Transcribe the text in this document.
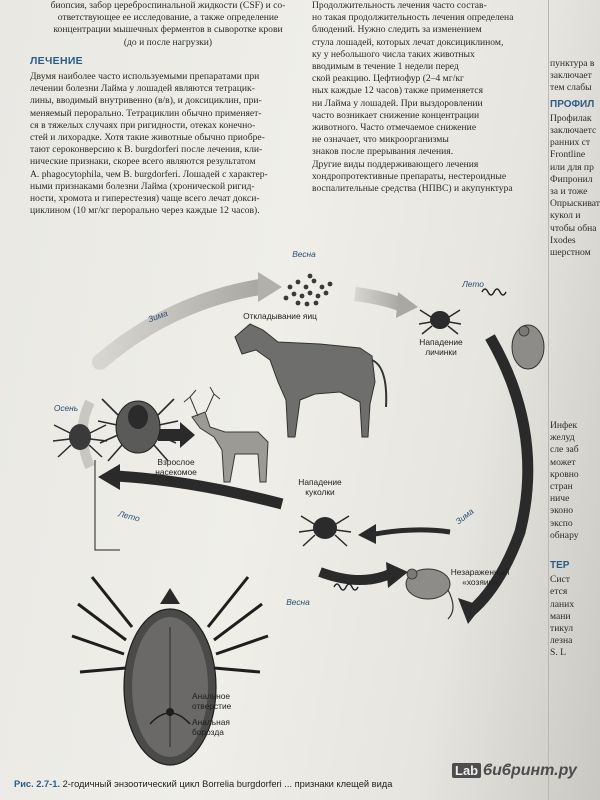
биопсия, забор цереброспинальной жидкости (CSF) и со-

ответствующее ее исследование, а также определение

концентрации мышечных ферментов в сыворотке крови

(до и после нагрузки)

ЛЕЧЕНИЕ

Двумя наиболее часто используемыми препаратами при

лечении болезни Лайма у лошадей являются тетрацик-

лины, вводимый внутривенно (в/в), и доксициклин, при-

меняемый перорально. Тетрациклин обычно применяет-

ся в тяжелых случаях при ригидности, отеках конечно-

стей и лихорадке. Хотя такие животные обычно приобре-

тают сероконверсию к B. burgdorferi после лечения, кли-

нические признаки, скорее всего являются результатом

A. phagocytophila, чем B. burgdorferi. Лошадей с характер-

ными признаками болезни Лайма (хронической ригид-

ности, хромота и гиперестезия) чаще всего лечат докси-

циклином (10 мг/кг перорально через каждые 12 часов).

Продолжительность лечения часто состав-

но такая продолжительность лечения определена

блюдений. Нужно следить за изменением

стула лошадей, которых лечат доксициклином,

ку у небольшого числа таких животных

вводимым в течение 1 недели перед

ской реакцию. Цефтиофур (2–4 мг/кг

ных каждые 12 часов) также применяется

ни Лайма у лошадей. При выздоровлении

часто возникает снижение концентрации

животного. Часто отмечаемое снижение

не означает, что микроорганизмы

знаков после прерывания лечения.

Другие виды поддерживающего лечения

хондропротективные препараты, нестероидные

воспалительные средства (НПВС) и акупунктура

пунктура в

заключает

тем слабы

ПРОФИЛ

Профилак

заключаетс

ранних ст

Frontline

или для пр

Фипронил

за и тоже

Опрыскиват

кукол и

чтобы обна

Ixodes

шерстном

Инфек

желуд

сле заб

может

кровно

стран

ниче

эконо

экспо

обнару

ТЕР

Сист

ется

ланих

мани

тикул

лезна

S. L

Весна
Зима	Откладывание яиц
Лето
Нападение
личинки
Осень
Взрослое
насекомое
Лето
Нападение
куколки
Зима
Незараженный
«хозяин»
Весна
Анальное
отверстие
Анальная
борозда
Рис. 2.7-1. 2-годичный энзоотический цикл Borrelia burgdorferi ... признаки клещей вида
Lab ϐиϐринт.ру
